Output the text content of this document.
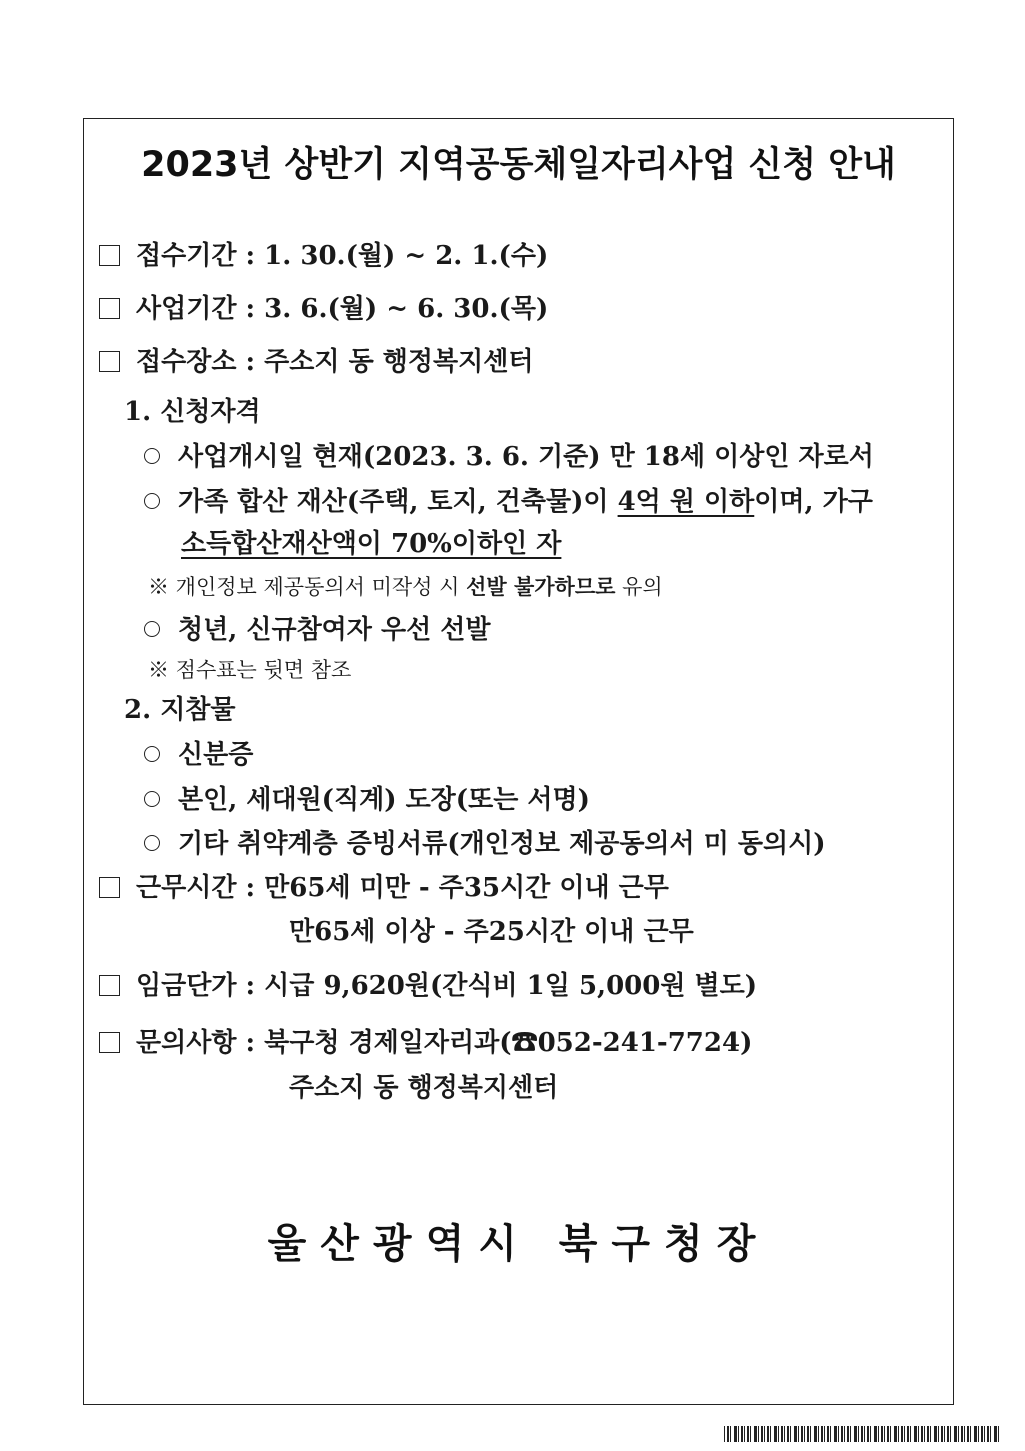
2023년 상반기 지역공동체일자리사업 신청 안내
접수기간 : 1. 30.(월) ~ 2. 1.(수)
사업기간 : 3. 6.(월) ~ 6. 30.(목)
접수장소 : 주소지 동 행정복지센터
1. 신청자격
사업개시일 현재(2023. 3. 6. 기준) 만 18세 이상인 자로서
가족 합산 재산(주택, 토지, 건축물)이 4억 원 이하이며, 가구
소득합산재산액이 70%이하인 자
※ 개인정보 제공동의서 미작성 시 선발 불가하므로 유의
청년, 신규참여자 우선 선발
※ 점수표는 뒷면 참조
2. 지참물
신분증
본인, 세대원(직계) 도장(또는 서명)
기타 취약계층 증빙서류(개인정보 제공동의서 미 동의시)
근무시간 : 만65세 미만 - 주35시간 이내 근무
만65세 이상 - 주25시간 이내 근무
임금단가 : 시급 9,620원(간식비 1일 5,000원 별도)
문의사항 : 북구청 경제일자리과(☎052-241-7724)
주소지 동 행정복지센터
울산광역시 북구청장
